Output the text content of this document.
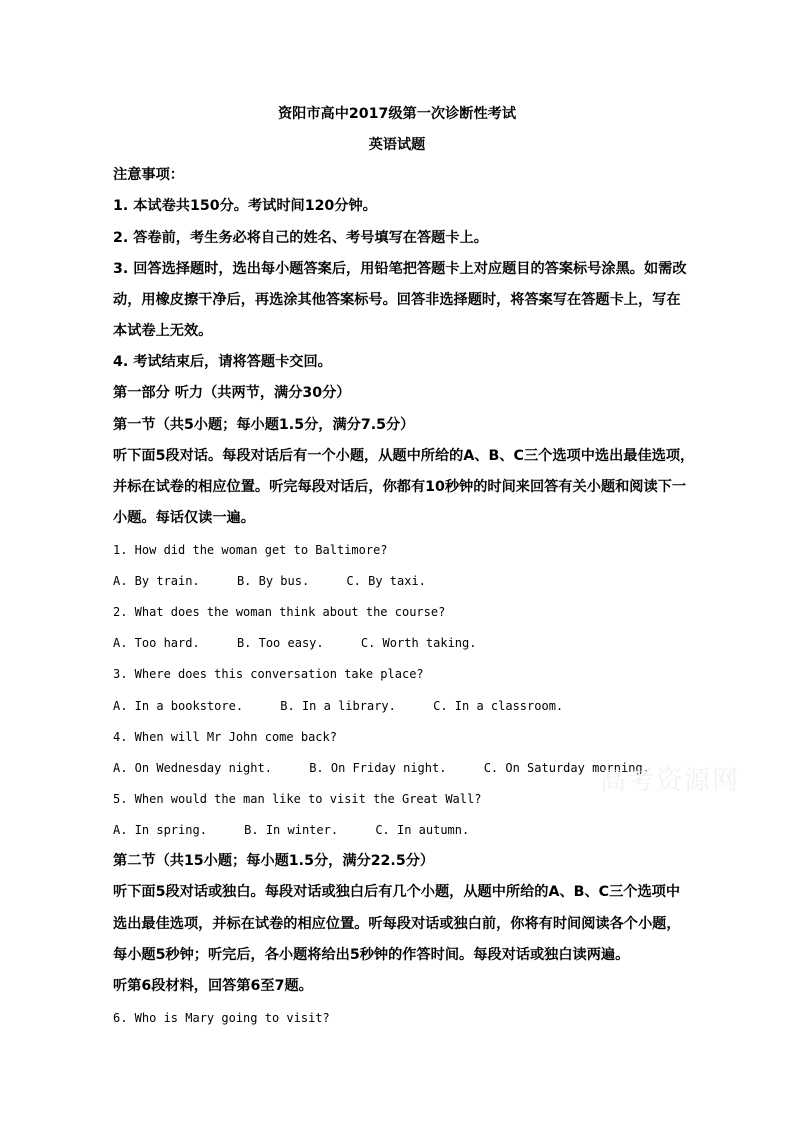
资阳市高中2017级第一次诊断性考试
英语试题
注意事项：
1. 本试卷共150分。考试时间120分钟。
2. 答卷前，考生务必将自己的姓名、考号填写在答题卡上。
3. 回答选择题时，选出每小题答案后，用铅笔把答题卡上对应题目的答案标号涂黑。如需改
动，用橡皮擦干净后，再选涂其他答案标号。回答非选择题时，将答案写在答题卡上，写在
本试卷上无效。
4. 考试结束后，请将答题卡交回。
第一部分 听力（共两节，满分30分）
第一节（共5小题；每小题1.5分，满分7.5分）
听下面5段对话。每段对话后有一个小题，从题中所给的A、B、C三个选项中选出最佳选项，
并标在试卷的相应位置。听完每段对话后，你都有10秒钟的时间来回答有关小题和阅读下一
小题。每话仅读一遍。
1. How did the woman get to Baltimore?
A. By train.	B. By bus.	C. By taxi.
2. What does the woman think about the course?
A. Too hard.	B. Too easy.	C. Worth taking.
3. Where does this conversation take place?
A. In a bookstore.	B. In a library.	C. In a classroom.
4. When will Mr John come back?
A. On Wednesday night.	B. On Friday night.	C. On Saturday morning.
5. When would the man like to visit the Great Wall?
A. In spring.	B. In winter.	C. In autumn.
第二节（共15小题；每小题1.5分，满分22.5分）
听下面5段对话或独白。每段对话或独白后有几个小题，从题中所给的A、B、C三个选项中
选出最佳选项，并标在试卷的相应位置。听每段对话或独白前，你将有时间阅读各个小题，
每小题5秒钟；听完后，各小题将给出5秒钟的作答时间。每段对话或独白读两遍。
听第6段材料，回答第6至7题。
6. Who is Mary going to visit?
高考资源网
